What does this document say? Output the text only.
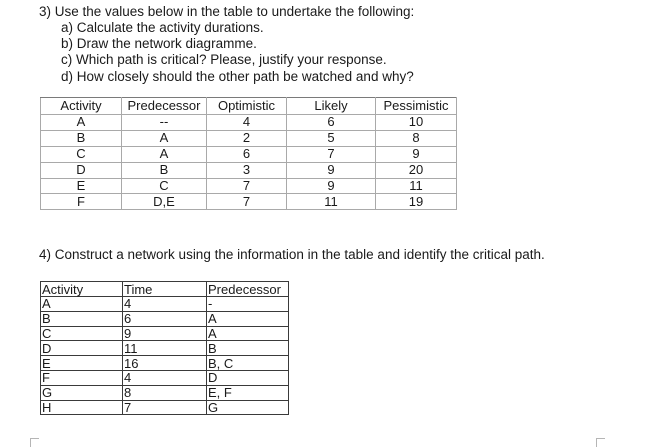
3) Use the values below in the table to undertake the following:
a) Calculate the activity durations.
b) Draw the network diagramme.
c) Which path is critical? Please, justify your response.
d) How closely should the other path be watched and why?
Activity	Predecessor	Optimistic	Likely	Pessimistic
A	--	4	6	10
B	A	2	5	8
C	A	6	7	9
D	B	3	9	20
E	C	7	9	11
F	D,E	7	11	19
4) Construct a network using the information in the table and identify the critical path.
Activity	Time	Predecessor
A	4	-
B	6	A
C	9	A
D	11	B
E	16	B, C
F	4	D
G	8	E, F
H	7	G
